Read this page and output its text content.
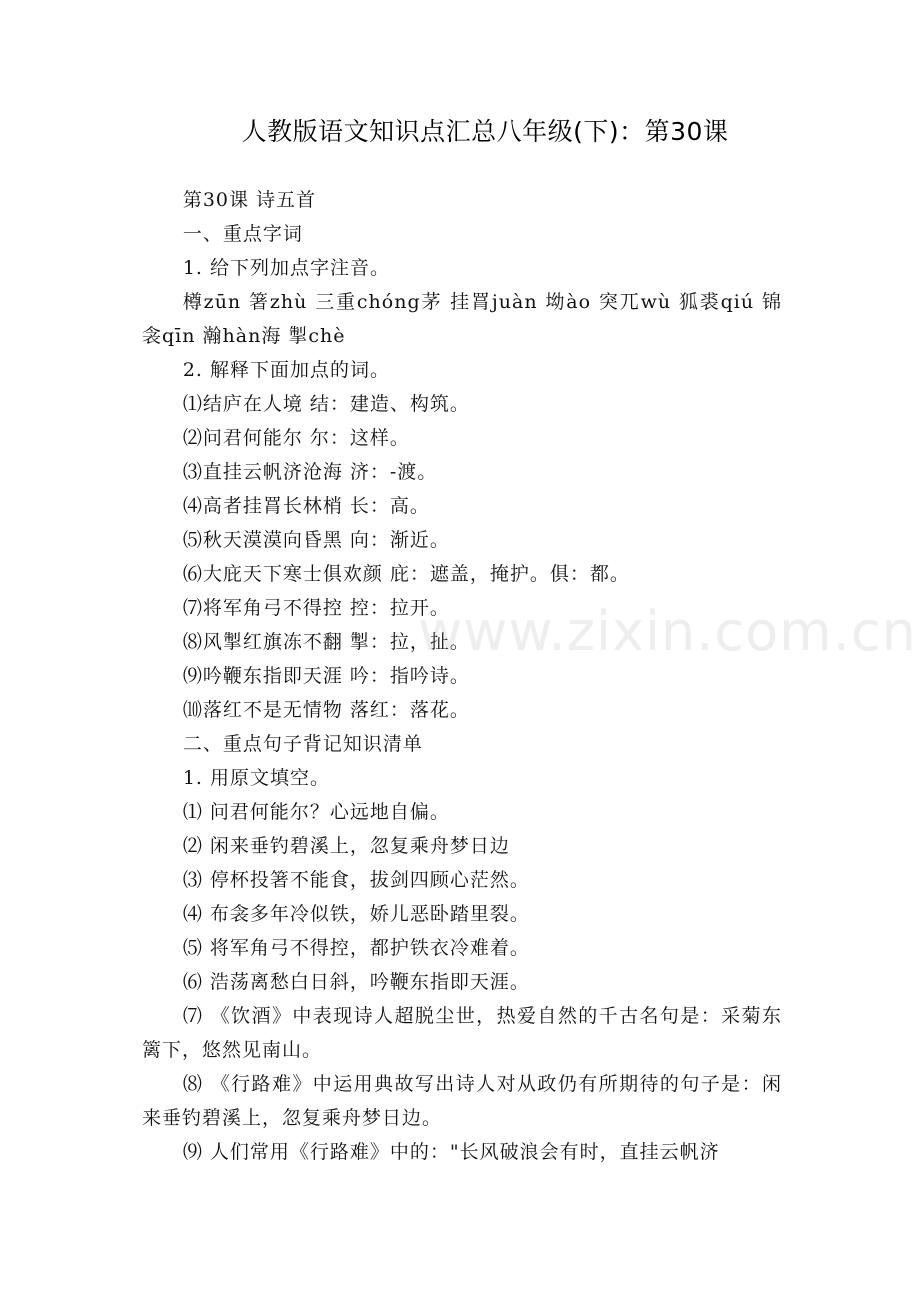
人教版语文知识点汇总八年级(下)：第30课

第30课 诗五首

一、重点字词

1. 给下列加点字注音。

樽zūn 箸zhù 三重chóng茅 挂罥juàn 坳ào 突兀wù 狐裘qiú 锦衾qīn 瀚hàn海 掣chè

2. 解释下面加点的词。

⑴结庐在人境 结：建造、构筑。

⑵问君何能尔 尔：这样。

⑶直挂云帆济沧海 济：-渡。

⑷高者挂罥长林梢 长：高。

⑸秋天漠漠向昏黑 向：渐近。

⑹大庇天下寒士俱欢颜 庇：遮盖，掩护。俱：都。

⑺将军角弓不得控 控：拉开。

⑻风掣红旗冻不翻 掣：拉，扯。

⑼吟鞭东指即天涯 吟：指吟诗。

⑽落红不是无情物 落红：落花。

二、重点句子背记知识清单

1. 用原文填空。

⑴ 问君何能尔？心远地自偏。

⑵ 闲来垂钓碧溪上，忽复乘舟梦日边

⑶ 停杯投箸不能食，拔剑四顾心茫然。

⑷ 布衾多年冷似铁，娇儿恶卧踏里裂。

⑸ 将军角弓不得控，都护铁衣冷难着。

⑹ 浩荡离愁白日斜，吟鞭东指即天涯。

⑺ 《饮酒》中表现诗人超脱尘世，热爱自然的千古名句是：采菊东篱下，悠然见南山。

⑻ 《行路难》中运用典故写出诗人对从政仍有所期待的句子是：闲来垂钓碧溪上，忽复乘舟梦日边。

⑼ 人们常用《行路难》中的："长风破浪会有时，直挂云帆济

www.zixin.com.cn
